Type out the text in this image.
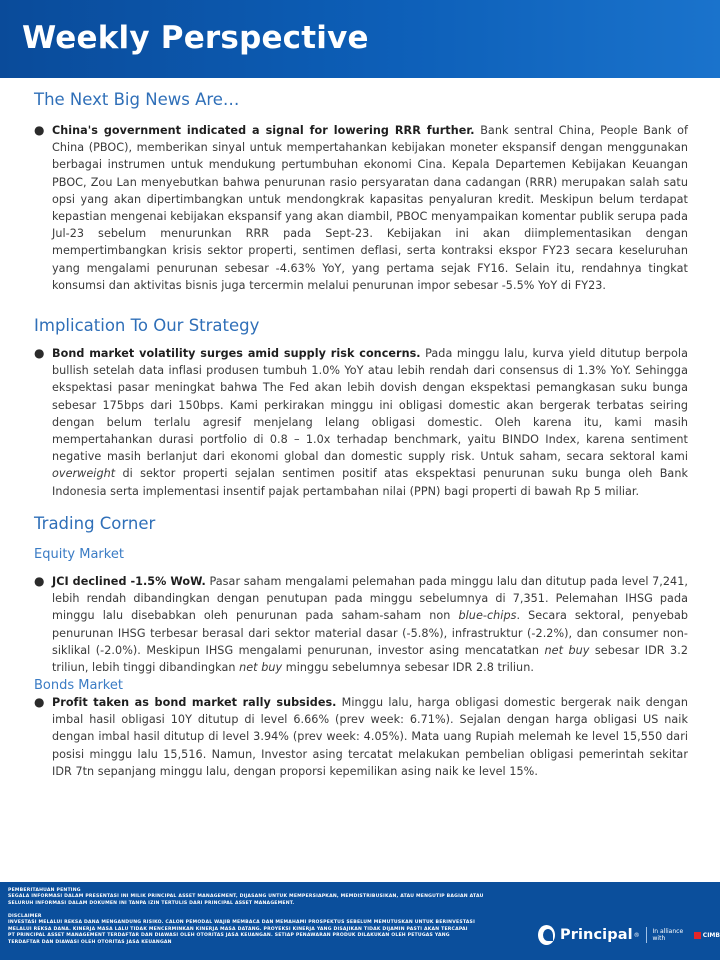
Weekly Perspective
The Next Big News Are…
● China's government indicated a signal for lowering RRR further. Bank sentral China, People Bank of China (PBOC), memberikan sinyal untuk mempertahankan kebijakan moneter ekspansif dengan menggunakan berbagai instrumen untuk mendukung pertumbuhan ekonomi Cina. Kepala Departemen Kebijakan Keuangan PBOC, Zou Lan menyebutkan bahwa penurunan rasio persyaratan dana cadangan (RRR) merupakan salah satu opsi yang akan dipertimbangkan untuk mendongkrak kapasitas penyaluran kredit. Meskipun belum terdapat kepastian mengenai kebijakan ekspansif yang akan diambil, PBOC menyampaikan komentar publik serupa pada Jul-23 sebelum menurunkan RRR pada Sept-23. Kebijakan ini akan diimplementasikan dengan mempertimbangkan krisis sektor properti, sentimen deflasi, serta kontraksi ekspor FY23 secara keseluruhan yang mengalami penurunan sebesar -4.63% YoY, yang pertama sejak FY16. Selain itu, rendahnya tingkat konsumsi dan aktivitas bisnis juga tercermin melalui penurunan impor sebesar -5.5% YoY di FY23.

Implication To Our Strategy
● Bond market volatility surges amid supply risk concerns. Pada minggu lalu, kurva yield ditutup berpola bullish setelah data inflasi produsen tumbuh 1.0% YoY atau lebih rendah dari consensus di 1.3% YoY. Sehingga ekspektasi pasar meningkat bahwa The Fed akan lebih dovish dengan ekspektasi pemangkasan suku bunga sebesar 175bps dari 150bps. Kami perkirakan minggu ini obligasi domestic akan bergerak terbatas seiring dengan belum terlalu agresif menjelang lelang obligasi domestic. Oleh karena itu, kami masih mempertahankan durasi portfolio di 0.8 – 1.0x terhadap benchmark, yaitu BINDO Index, karena sentiment negative masih berlanjut dari ekonomi global dan domestic supply risk. Untuk saham, secara sektoral kami overweight di sektor properti sejalan sentimen positif atas ekspektasi penurunan suku bunga oleh Bank Indonesia serta implementasi insentif pajak pertambahan nilai (PPN) bagi properti di bawah Rp 5 miliar.

Trading Corner
Equity Market
● JCI declined -1.5% WoW. Pasar saham mengalami pelemahan pada minggu lalu dan ditutup pada level 7,241, lebih rendah dibandingkan dengan penutupan pada minggu sebelumnya di 7,351. Pelemahan IHSG pada minggu lalu disebabkan oleh penurunan pada saham-saham non blue-chips. Secara sektoral, penyebab penurunan IHSG terbesar berasal dari sektor material dasar (-5.8%), infrastruktur (-2.2%), dan consumer non-siklikal (-2.0%). Meskipun IHSG mengalami penurunan, investor asing mencatatkan net buy sebesar IDR 3.2 triliun, lebih tinggi dibandingkan net buy minggu sebelumnya sebesar IDR 2.8 triliun.

Bonds Market
● Profit taken as bond market rally subsides. Minggu lalu, harga obligasi domestic bergerak naik dengan imbal hasil obligasi 10Y ditutup di level 6.66% (prev week: 6.71%). Sejalan dengan harga obligasi US naik dengan imbal hasil ditutup di level 3.94% (prev week: 4.05%). Mata uang Rupiah melemah ke level 15,550 dari posisi minggu lalu 15,516. Namun, Investor asing tercatat melakukan pembelian obligasi pemerintah sekitar IDR 7tn sepanjang minggu lalu, dengan proporsi kepemilikan asing naik ke level 15%.

PEMBERITAHUAN PENTING
SEGALA INFORMASI DALAM PRESENTASI INI MILIK PRINCIPAL ASSET MANAGEMENT, DIJASANG UNTUK MEMPERSIAPKAN, MEMDISTRIBUSIKAN, ATAU MENGUTIP BAGIAN ATAU
SELURUH INFORMASI DALAM DOKUMEN INI TANPA IZIN TERTULIS DARI PRINCIPAL ASSET MANAGEMENT.
DISCLAIMER
INVESTASI MELALUI REKSA DANA MENGANDUNG RISIKO. CALON PEMODAL WAJIB MEMBACA DAN MEMAHAMI PROSPEKTUS SEBELUM MEMUTUSKAN UNTUK BERINVESTASI
MELALUI REKSA DANA. KINERJA MASA LALU TIDAK MENCERMINKAN KINERJA MASA DATANG. PROYEKSI KINERJA YANG DISAJIKAN TIDAK DIJAMIN PASTI AKAN TERCAPAI
PT PRINCIPAL ASSET MANAGEMENT TERDAFTAR DAN DIAWASI OLEH OTORITAS JASA KEUANGAN. SETIAP PENAWARAN PRODUK DILAKUKAN OLEH PETUGAS YANG
TERDAFTAR DAN DIAWASI OLEH OTORITAS JASA KEUANGAN	Principal ® In alliance with	CIMB
